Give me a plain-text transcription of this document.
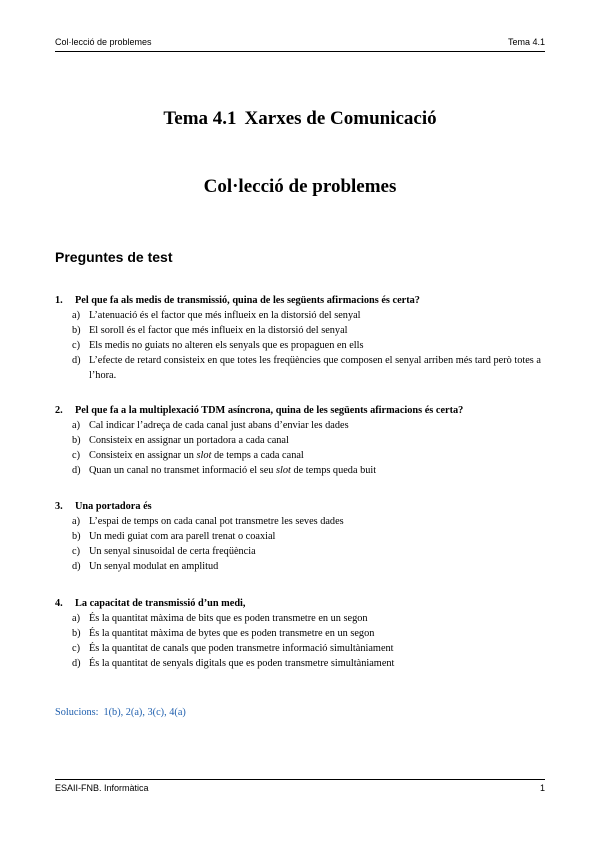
Col·lecció de problemes	Tema 4.1
Tema 4.1 Xarxes de Comunicació
Col·lecció de problemes
Preguntes de test
1. Pel que fa als medis de transmissió, quina de les següents afirmacions és certa?
a) L’atenuació és el factor que més influeix en la distorsió del senyal
b) El soroll és el factor que més influeix en la distorsió del senyal
c) Els medis no guiats no alteren els senyals que es propaguen en ells
d) L’efecte de retard consisteix en que totes les freqüències que composen el senyal arriben més tard però totes a l’hora.
2. Pel que fa a la multiplexació TDM asíncrona, quina de les següents afirmacions és certa?
a) Cal indicar l’adreça de cada canal just abans d’enviar les dades
b) Consisteix en assignar un portadora a cada canal
c) Consisteix en assignar un slot de temps a cada canal
d) Quan un canal no transmet informació el seu slot de temps queda buit
3. Una portadora és
a) L’espai de temps on cada canal pot transmetre les seves dades
b) Un medi guiat com ara parell trenat o coaxial
c) Un senyal sinusoidal de certa freqüència
d) Un senyal modulat en amplitud
4. La capacitat de transmissió d’un medi,
a) És la quantitat màxima de bits que es poden transmetre en un segon
b) És la quantitat màxima de bytes que es poden transmetre en un segon
c) És la quantitat de canals que poden transmetre informació simultàniament
d) És la quantitat de senyals digitals que es poden transmetre simultàniament
Solucions: 1(b), 2(a), 3(c), 4(a)
ESAII-FNB. Informàtica	1
